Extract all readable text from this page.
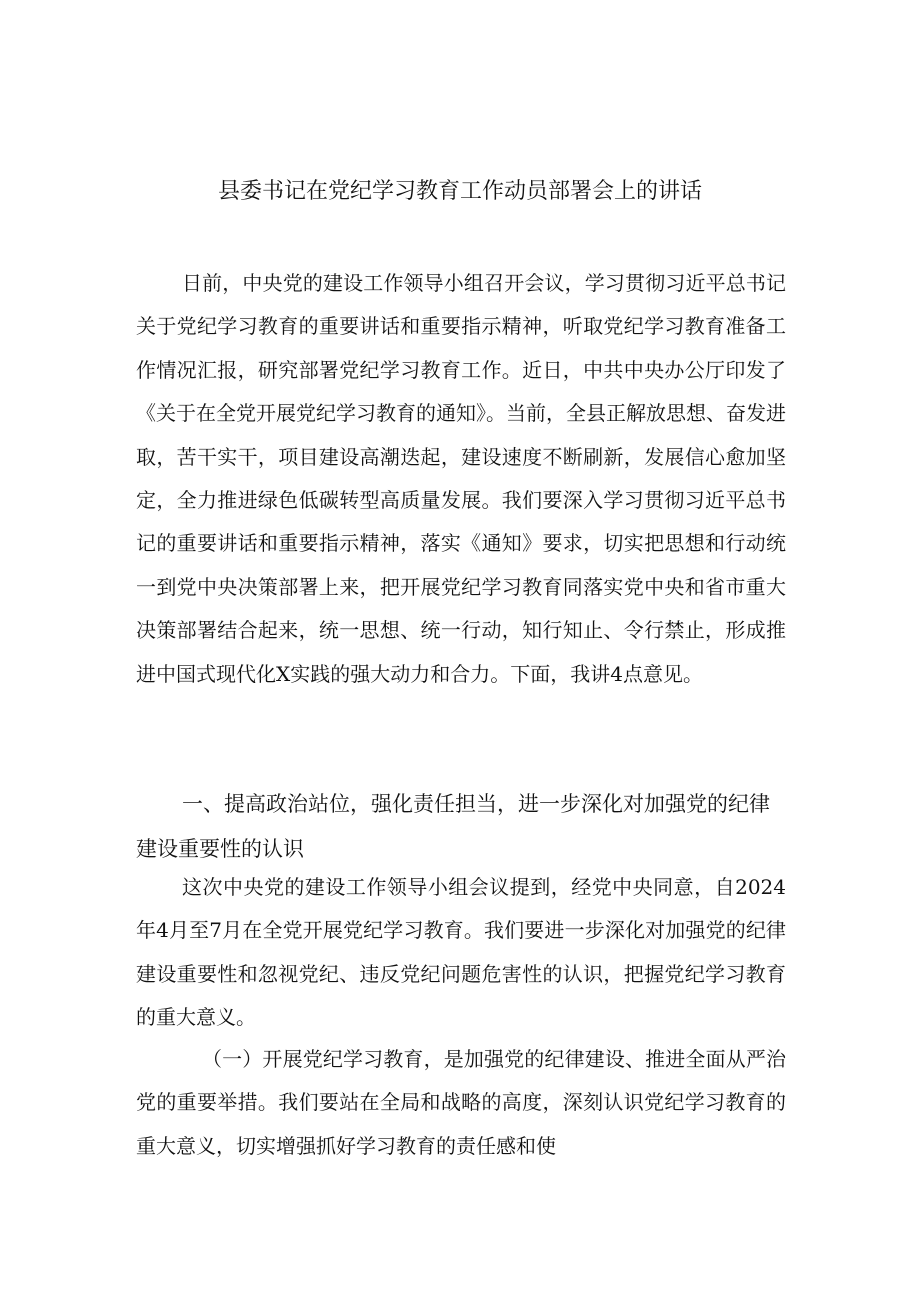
县委书记在党纪学习教育工作动员部署会上的讲话

日前，中央党的建设工作领导小组召开会议，学习贯彻习近平总书记关于党纪学习教育的重要讲话和重要指示精神，听取党纪学习教育准备工作情况汇报，研究部署党纪学习教育工作。近日，中共中央办公厅印发了《关于在全党开展党纪学习教育的通知》。当前，全县正解放思想、奋发进取，苦干实干，项目建设高潮迭起，建设速度不断刷新，发展信心愈加坚定，全力推进绿色低碳转型高质量发展。我们要深入学习贯彻习近平总书记的重要讲话和重要指示精神，落实《通知》要求，切实把思想和行动统一到党中央决策部署上来，把开展党纪学习教育同落实党中央和省市重大决策部署结合起来，统一思想、统一行动，知行知止、令行禁止，形成推进中国式现代化X实践的强大动力和合力。下面，我讲4点意见。

一、提高政治站位，强化责任担当，进一步深化对加强党的纪律建设重要性的认识

这次中央党的建设工作领导小组会议提到，经党中央同意，自2024年4月至7月在全党开展党纪学习教育。我们要进一步深化对加强党的纪律建设重要性和忽视党纪、违反党纪问题危害性的认识，把握党纪学习教育的重大意义。

（一）开展党纪学习教育，是加强党的纪律建设、推进全面从严治党的重要举措。我们要站在全局和战略的高度，深刻认识党纪学习教育的重大意义，切实增强抓好学习教育的责任感和使
